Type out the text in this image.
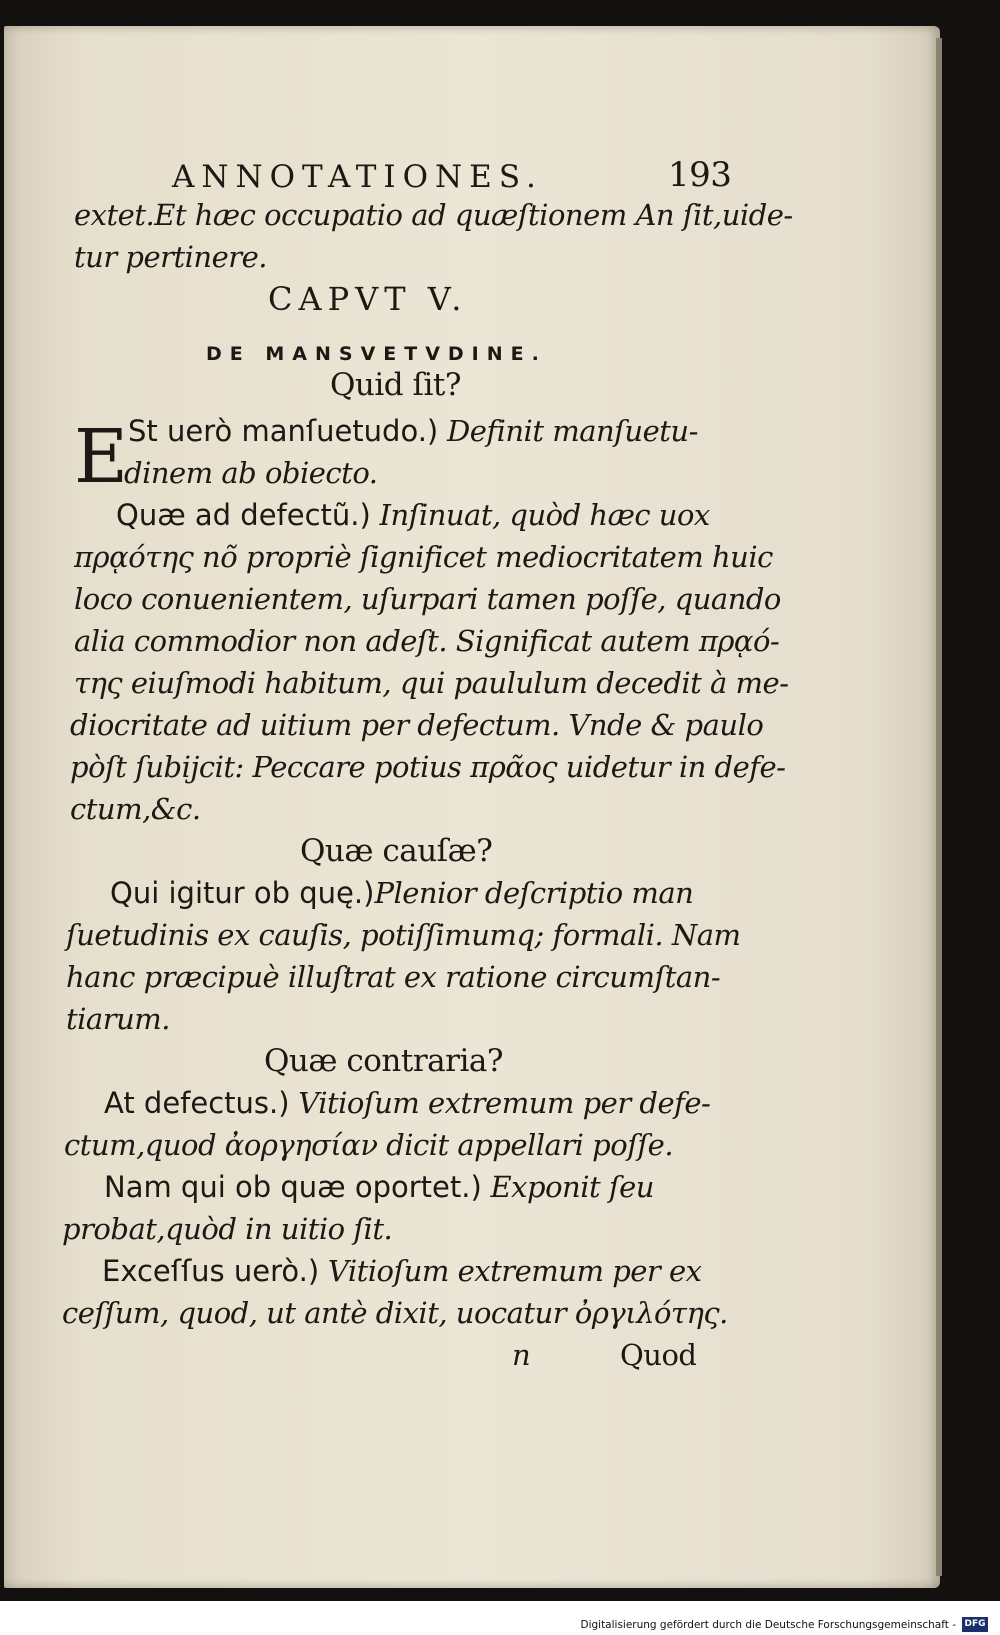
ANNOTATIONES.	193
extet.Et hæc occupatio ad quæſtionem An ſit,uide-
tur pertinere.
CAPVT V.
DE MANSVETVDINE.
Quid ſit?
E St uerò manſuetudo.) Definit manſuetu-
dinem ab obiecto.
Quæ ad defectũ.) Inſinuat, quòd hæc uox
πρᾳότης nõ propriè ſignificet mediocritatem huic
loco conuenientem, uſurpari tamen poſſe, quando
alia commodior non adeſt. Significat autem πρᾳό-
της eiuſmodi habitum, qui paululum decedit à me-
diocritate ad uitium per defectum. Vnde & paulo
pòſt ſubijcit: Peccare potius πρᾶος uidetur in defe-
ctum,&c.
Quæ cauſæ?
Qui igitur ob quę.)Plenior deſcriptio man
ſuetudinis ex cauſis, potiſſimumq; formali. Nam
hanc præcipuè illuſtrat ex ratione circumſtan-
tiarum.
Quæ contraria?
At defectus.) Vitioſum extremum per defe-
ctum,quod ἀοργησίαν dicit appellari poſſe.
Nam qui ob quæ oportet.) Exponit ſeu
probat,quòd in uitio ſit.
Exceſſus uerò.) Vitioſum extremum per ex
ceſſum, quod, ut antè dixit, uocatur ὀργιλότης.
n	Quod
Digitalisierung gefördert durch die Deutsche Forschungsgemeinschaft - DFG
